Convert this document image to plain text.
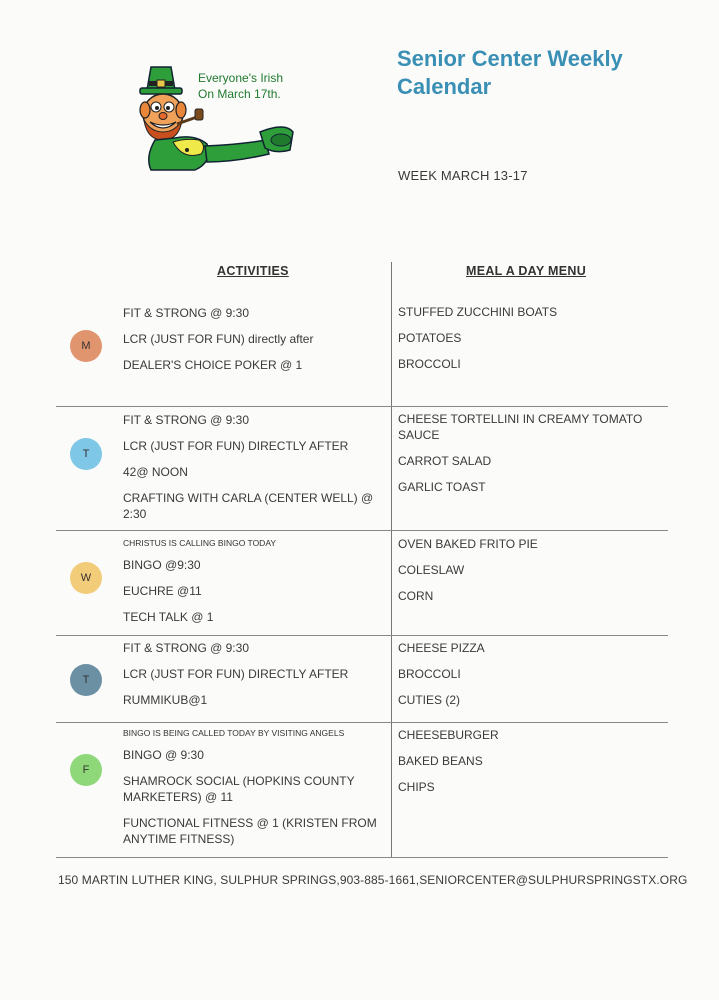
Everyone's Irish
On March 17th.
Senior Center Weekly
Calendar
WEEK MARCH 13-17
ACTIVITIES	MEAL A DAY MENU
M
FIT & STRONG @ 9:30
LCR (JUST FOR FUN) directly after
DEALER'S CHOICE POKER @ 1
STUFFED ZUCCHINI BOATS
POTATOES
BROCCOLI
T
FIT & STRONG @ 9:30
LCR (JUST FOR FUN) DIRECTLY AFTER
42@ NOON
CRAFTING WITH CARLA (CENTER WELL) @ 2:30
CHEESE TORTELLINI IN CREAMY TOMATO SAUCE
CARROT SALAD
GARLIC TOAST
W
CHRISTUS IS CALLING BINGO TODAY
BINGO @9:30
EUCHRE @11
TECH TALK @ 1
OVEN BAKED FRITO PIE
COLESLAW
CORN
T
FIT & STRONG @ 9:30
LCR (JUST FOR FUN) DIRECTLY AFTER
RUMMIKUB@1
CHEESE PIZZA
BROCCOLI
CUTIES (2)
F
BINGO IS BEING CALLED TODAY BY VISITING ANGELS
BINGO @ 9:30
SHAMROCK SOCIAL (HOPKINS COUNTY MARKETERS) @ 11
FUNCTIONAL FITNESS @ 1 (KRISTEN FROM ANYTIME FITNESS)
CHEESEBURGER
BAKED BEANS
CHIPS
150 MARTIN LUTHER KING, SULPHUR SPRINGS,903-885-1661,SENIORCENTER@SULPHURSPRINGSTX.ORG
